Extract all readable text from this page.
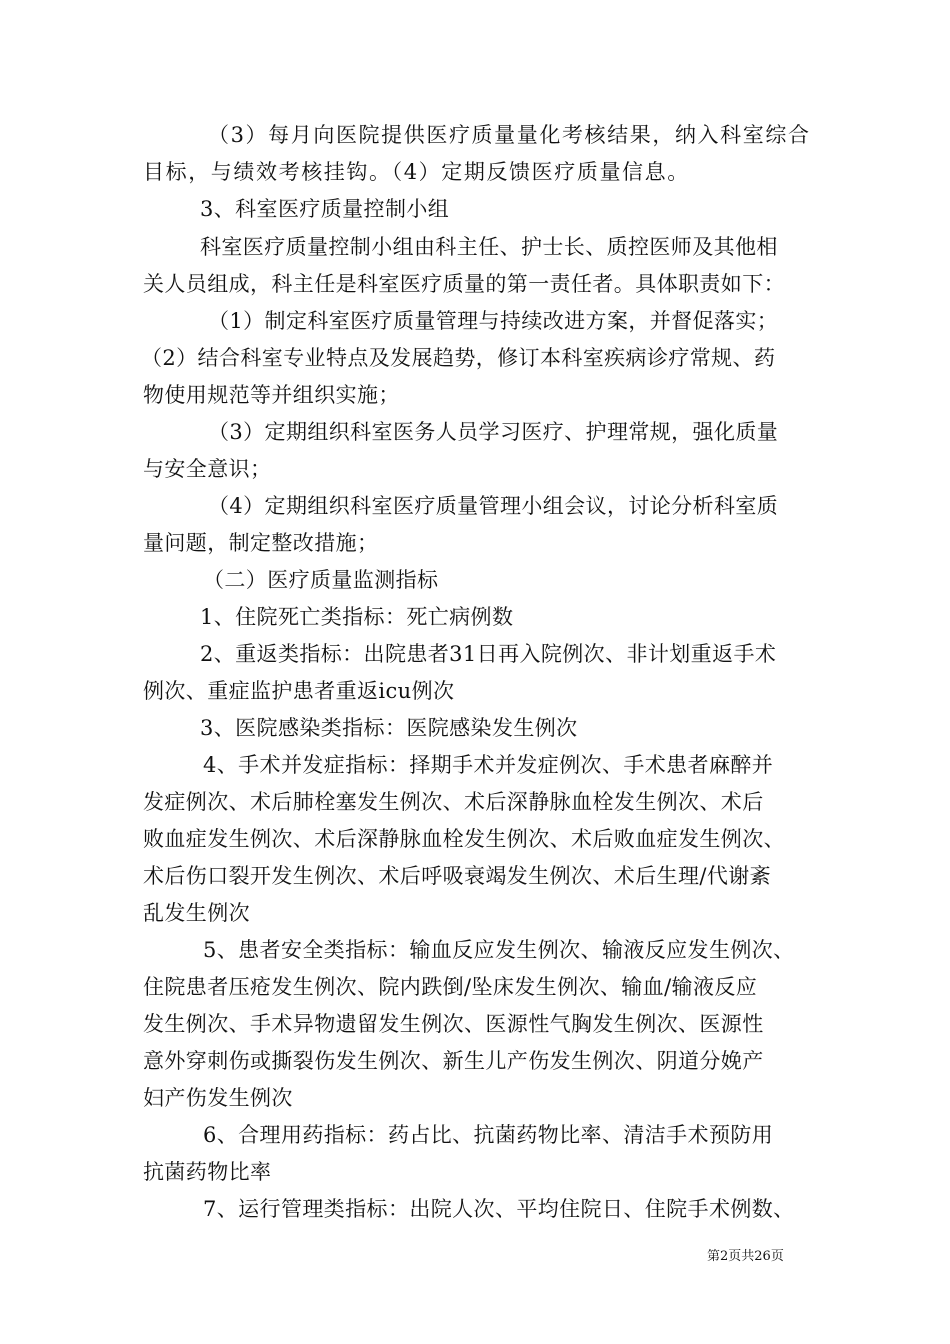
（3）每月向医院提供医疗质量量化考核结果，纳入科室综合
目标，与绩效考核挂钩。（4）定期反馈医疗质量信息。
3、科室医疗质量控制小组
科室医疗质量控制小组由科主任、护士长、质控医师及其他相
关人员组成，科主任是科室医疗质量的第一责任者。具体职责如下：
（1）制定科室医疗质量管理与持续改进方案，并督促落实；
（2）结合科室专业特点及发展趋势，修订本科室疾病诊疗常规、药
物使用规范等并组织实施；
（3）定期组织科室医务人员学习医疗、护理常规，强化质量
与安全意识；
（4）定期组织科室医疗质量管理小组会议，讨论分析科室质
量问题，制定整改措施；
（二）医疗质量监测指标
1、住院死亡类指标：死亡病例数
2、重返类指标：出院患者31日再入院例次、非计划重返手术
例次、重症监护患者重返icu例次
3、医院感染类指标：医院感染发生例次
4、手术并发症指标：择期手术并发症例次、手术患者麻醉并
发症例次、术后肺栓塞发生例次、术后深静脉血栓发生例次、术后
败血症发生例次、术后深静脉血栓发生例次、术后败血症发生例次、
术后伤口裂开发生例次、术后呼吸衰竭发生例次、术后生理/代谢紊
乱发生例次
5、患者安全类指标：输血反应发生例次、输液反应发生例次、
住院患者压疮发生例次、院内跌倒/坠床发生例次、输血/输液反应
发生例次、手术异物遗留发生例次、医源性气胸发生例次、医源性
意外穿刺伤或撕裂伤发生例次、新生儿产伤发生例次、阴道分娩产
妇产伤发生例次
6、合理用药指标：药占比、抗菌药物比率、清洁手术预防用
抗菌药物比率
7、运行管理类指标：出院人次、平均住院日、住院手术例数、
第2页共26页
